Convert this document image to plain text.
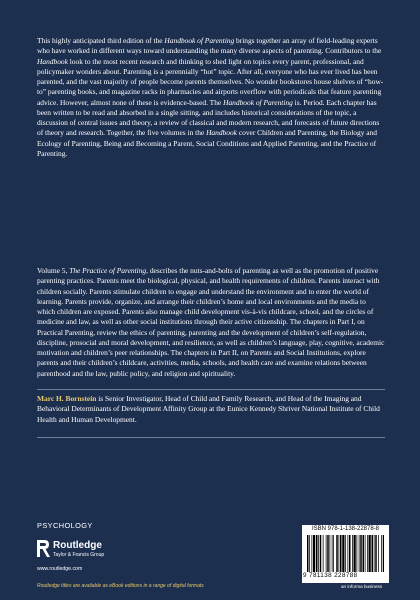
This highly anticipated third edition of the Handbook of Parenting brings together an array of field-leading experts who have worked in different ways toward understanding the many diverse aspects of parenting. Contributors to the Handbook look to the most recent research and thinking to shed light on topics every parent, professional, and policymaker wonders about. Parenting is a perennially “hot” topic. After all, everyone who has ever lived has been parented, and the vast majority of people become parents themselves. No wonder bookstores house shelves of “how-to” parenting books, and magazine racks in pharmacies and airports overflow with periodicals that feature parenting advice. However, almost none of these is evidence-based. The Handbook of Parenting is. Period. Each chapter has been written to be read and absorbed in a single sitting, and includes historical considerations of the topic, a discussion of central issues and theory, a review of classical and modern research, and forecasts of future directions of theory and research. Together, the five volumes in the Handbook cover Children and Parenting, the Biology and Ecology of Parenting, Being and Becoming a Parent, Social Conditions and Applied Parenting, and the Practice of Parenting.

Volume 5, The Practice of Parenting, describes the nuts-and-bolts of parenting as well as the promotion of positive parenting practices. Parents meet the biological, physical, and health requirements of children. Parents interact with children socially. Parents stimulate children to engage and understand the environment and to enter the world of learning. Parents provide, organize, and arrange their children’s home and local environments and the media to which children are exposed. Parents also manage child development vis-à-vis childcare, school, and the circles of medicine and law, as well as other social institutions through their active citizenship. The chapters in Part I, on Practical Parenting, review the ethics of parenting, parenting and the development of children’s self-regulation, discipline, prosocial and moral development, and resilience, as well as children’s language, play, cognitive, academic motivation and children’s peer relationships. The chapters in Part II, on Parents and Social Institutions, explore parents and their children’s childcare, activities, media, schools, and health care and examine relations between parenthood and the law, public policy, and religion and spirituality.

Marc H. Bornstein is Senior Investigator, Head of Child and Family Research, and Head of the Imaging and Behavioral Determinants of Development Affinity Group at the Eunice Kennedy Shriver National Institute of Child Health and Human Development.

PSYCHOLOGY
Routledge
Taylor & Francis Group
www.routledge.com
Routledge titles are available as eBook editions in a range of digital formats
ISBN 978-1-138-22878-8
9 781138 228788
an informa business
